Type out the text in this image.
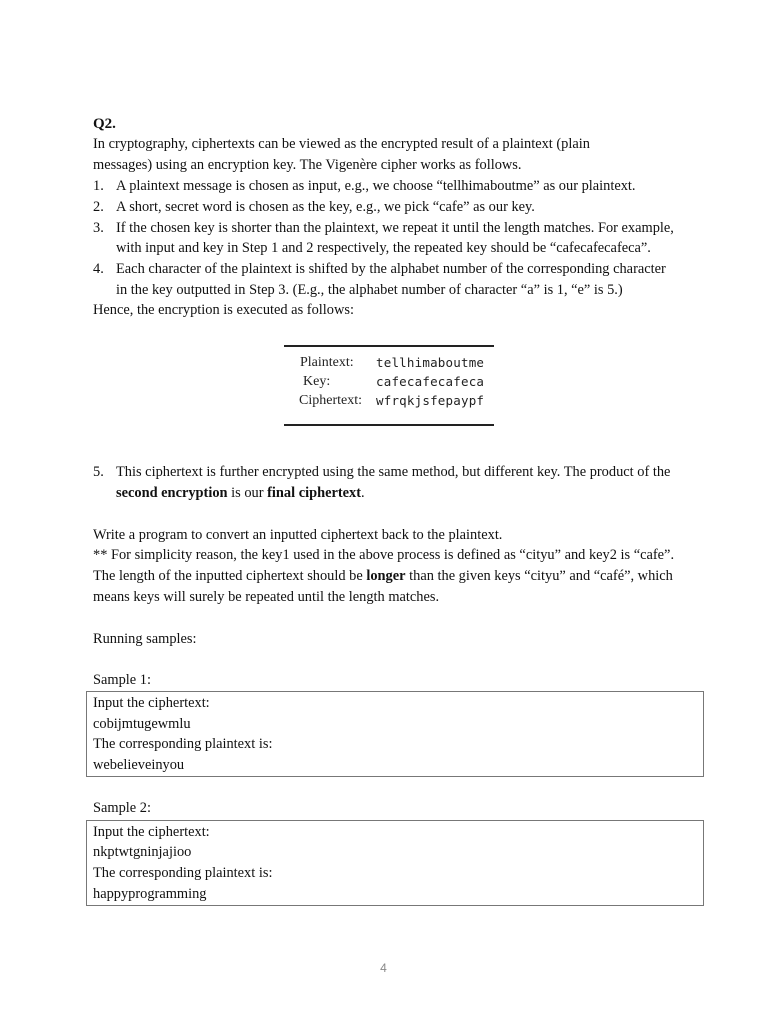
Q2.
In cryptography, ciphertexts can be viewed as the encrypted result of a plaintext (plain
messages) using an encryption key. The Vigenère cipher works as follows.
1. A plaintext message is chosen as input, e.g., we choose “tellhimaboutme” as our plaintext.
2. A short, secret word is chosen as the key, e.g., we pick “cafe” as our key.
3. If the chosen key is shorter than the plaintext, we repeat it until the length matches. For example,
with input and key in Step 1 and 2 respectively, the repeated key should be “cafecafecafeca”.
4. Each character of the plaintext is shifted by the alphabet number of the corresponding character
in the key outputted in Step 3. (E.g., the alphabet number of character “a” is 1, “e” is 5.)
Hence, the encryption is executed as follows:
Plaintext: tellhimaboutme
Key:	cafecafecafeca
Ciphertext: wfrqkjsfepaypf
5. This ciphertext is further encrypted using the same method, but different key. The product of the
second encryption is our final ciphertext.
Write a program to convert an inputted ciphertext back to the plaintext.
** For simplicity reason, the key1 used in the above process is defined as “cityu” and key2 is “cafe”.
The length of the inputted ciphertext should be longer than the given keys “cityu” and “café”, which
means keys will surely be repeated until the length matches.
Running samples:
Sample 1:
Input the ciphertext:
cobijmtugewmlu
The corresponding plaintext is:
webelieveinyou
Sample 2:
Input the ciphertext:
nkptwtgninjajioo
The corresponding plaintext is:
happyprogramming
4
